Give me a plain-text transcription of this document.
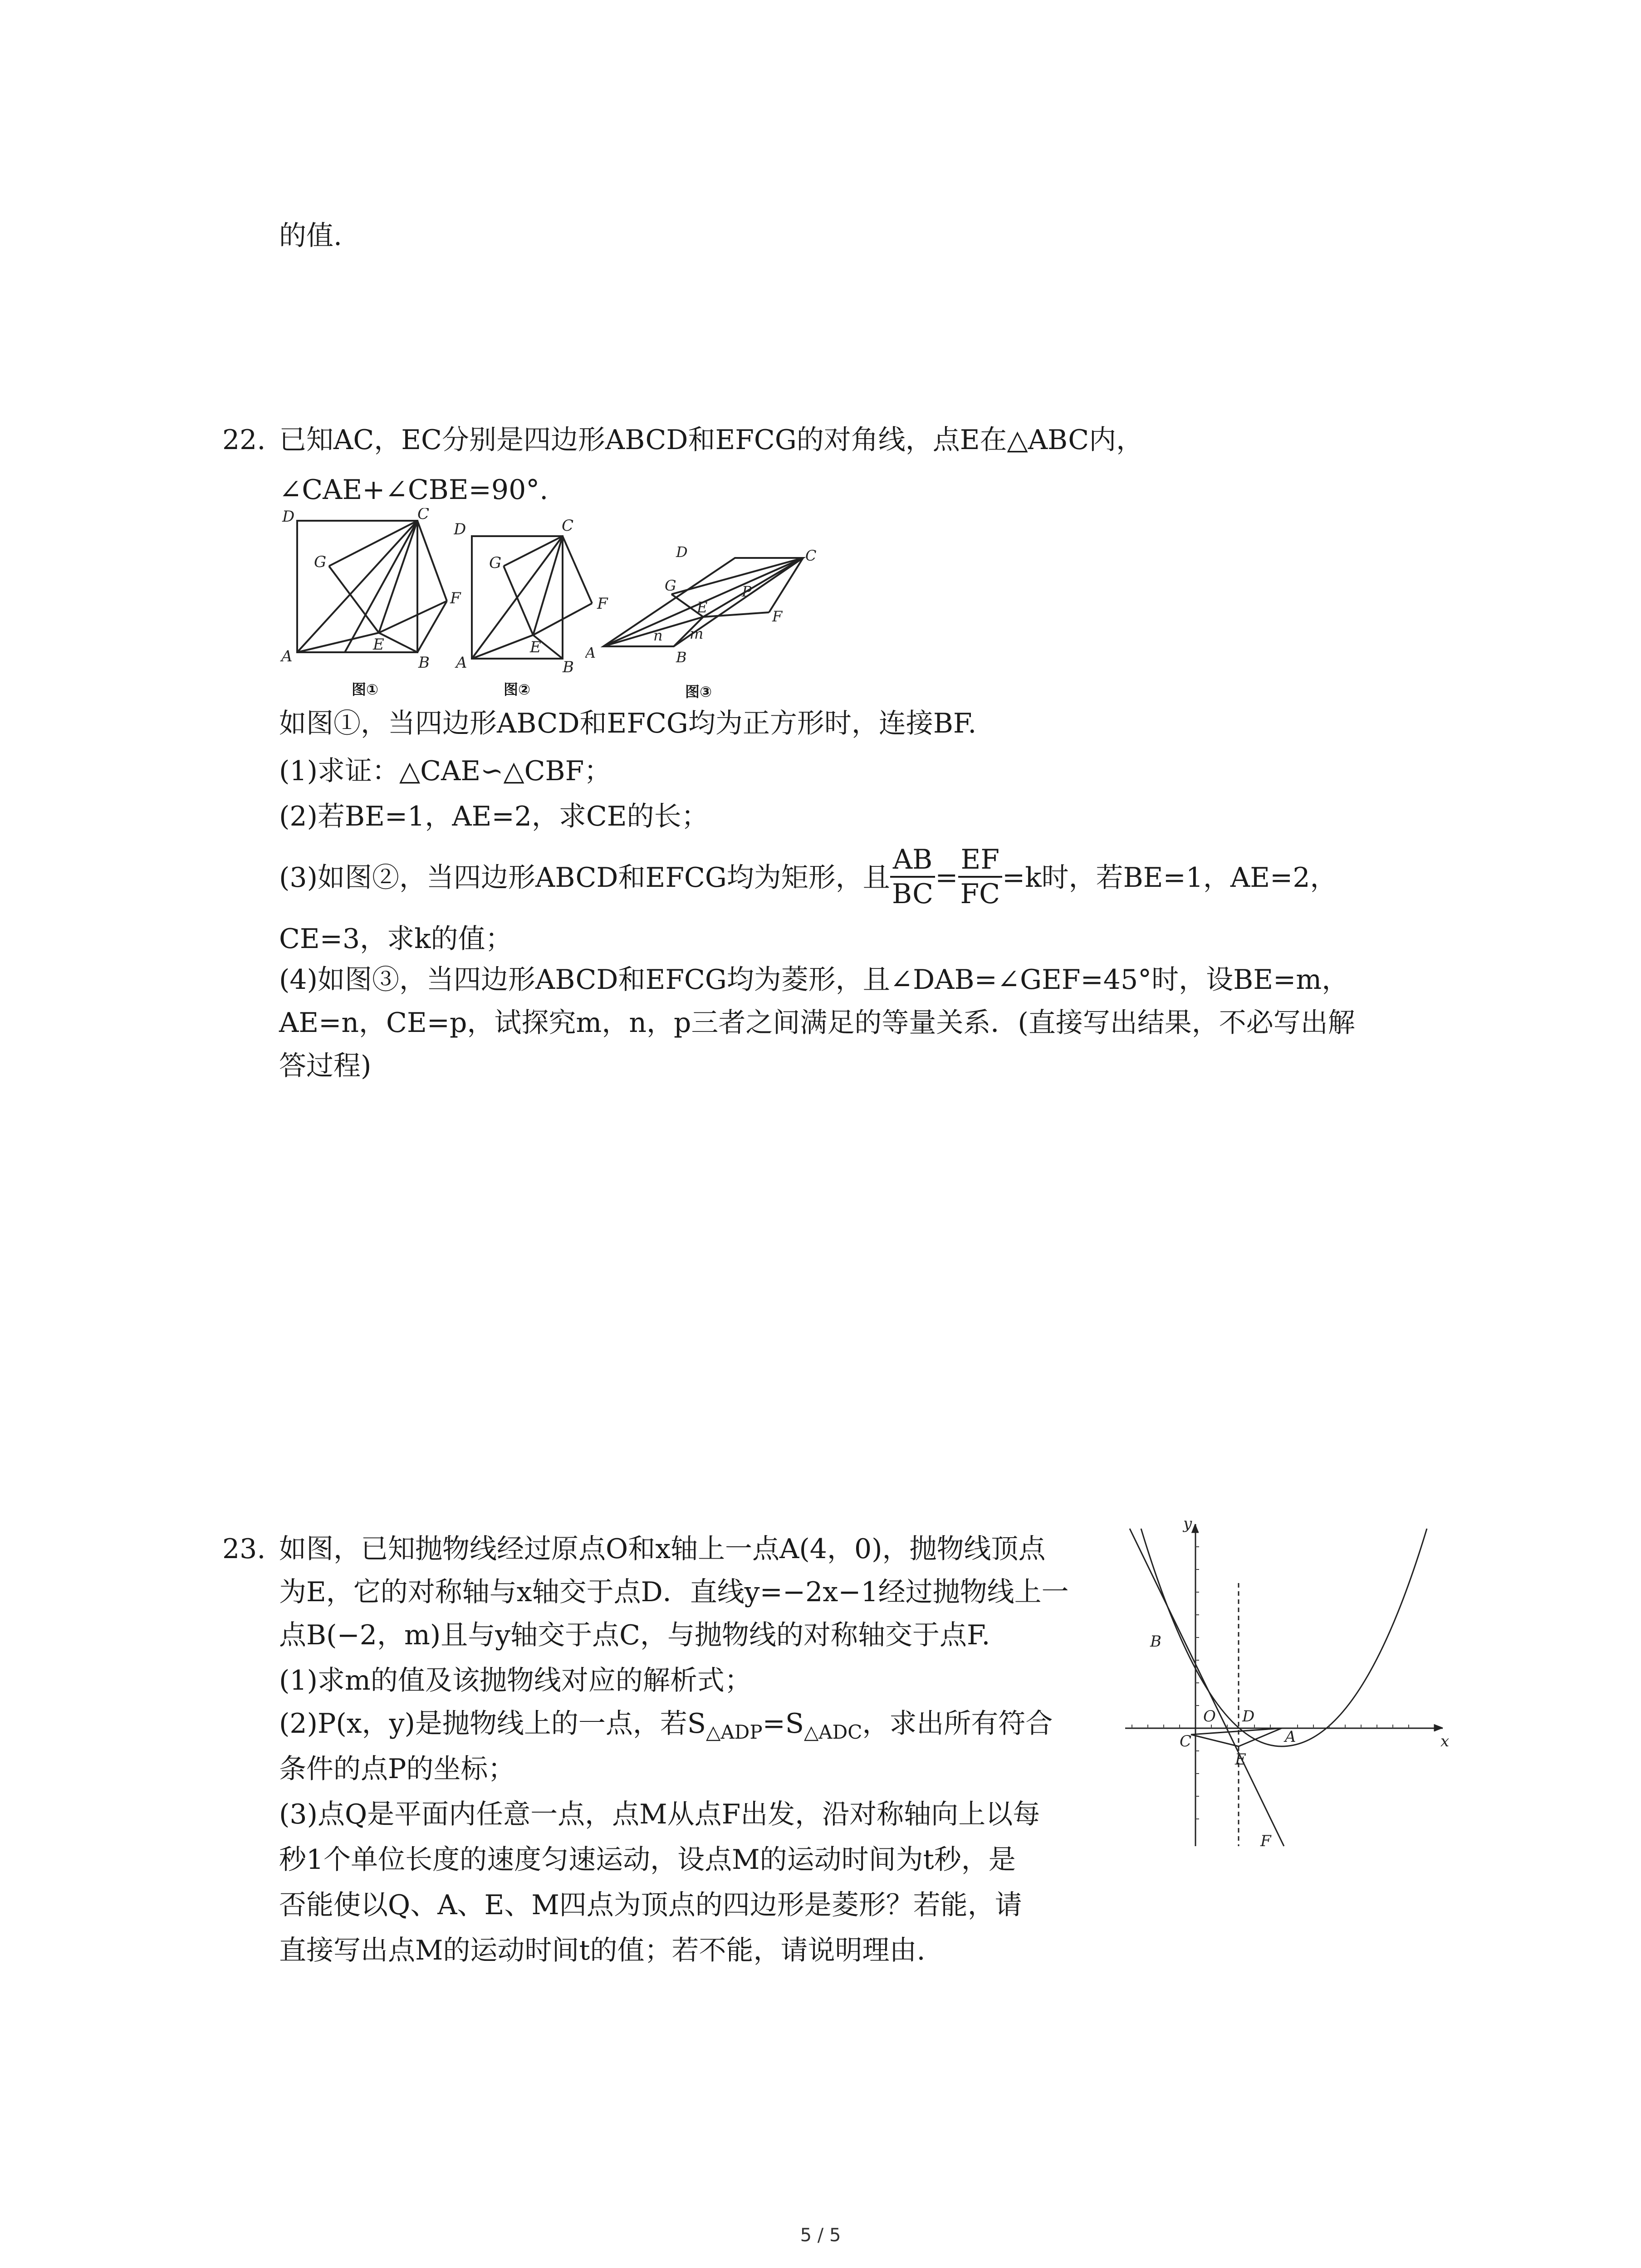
的值.
22. 已知AC，EC分别是四边形ABCD和EFCG的对角线，点E在△ABC内，
∠CAE+∠CBE=90°.
D	C
A	B
E
F
G
图①
D	C
A	B
E
F
G
图②
D	C
A	B
E
F
G	P
n m
图③
如图①，当四边形ABCD和EFCG均为正方形时，连接BF.
(1)求证：△CAE∽△CBF；
(2)若BE=1，AE=2，求CE的长；
(3)如图②，当四边形ABCD和EFCG均为矩形，且 $\frac{AB}{BC} = \frac{EF}{FC} =k$时，若BE=1，AE=2，
CE=3，求k的值；
(4)如图③，当四边形ABCD和EFCG均为菱形，且∠DAB=∠GEF=45°时，设BE=m，
AE=n，CE=p，试探究m，n，p三者之间满足的等量关系．(直接写出结果，不必写出解
答过程)
23. 如图，已知抛物线经过原点O和x轴上一点A(4，0)，抛物线顶点
为E，它的对称轴与x轴交于点D．直线y=−2x−1经过抛物线上一
点B(−2，m)且与y轴交于点C，与抛物线的对称轴交于点F.
(1)求m的值及该抛物线对应的解析式；
(2)P(x，y)是抛物线上的一点，若$S_{\triangle ADP}=S_{\triangle ADC}$，求出所有符合
条件的点P的坐标；
(3)点Q是平面内任意一点，点M从点F出发，沿对称轴向上以每
秒1个单位长度的速度匀速运动，设点M的运动时间为t秒，是
否能使以Q、A、E、M四点为顶点的四边形是菱形？若能，请
直接写出点M的运动时间t的值；若不能，请说明理由.
y
x
O
A
B
C
D
E
F
5 / 5
